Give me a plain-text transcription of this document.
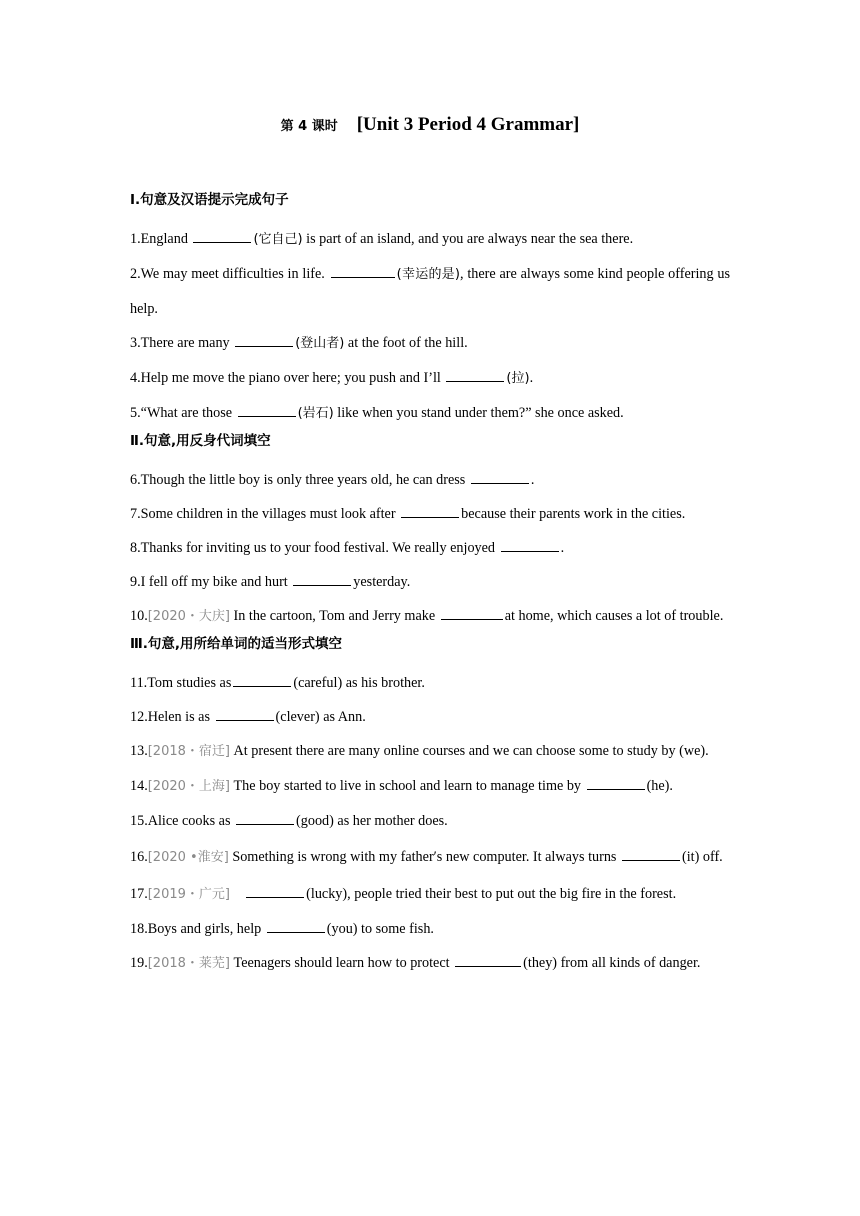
第 4 课时 [Unit 3 Period 4 Grammar]
Ⅰ.句意及汉语提示完成句子
1.England	(它自己) is part of an island, and you are always near the sea there.
2.We may meet difficulties in life.	(幸运的是), there are always some kind people offering us help.
3.There are many	(登山者) at the foot of the hill.
4.Help me move the piano over here; you push and I’ll	(拉).
5.“What are those	(岩石) like when you stand under them?” she once asked.
Ⅱ.句意,用反身代词填空
6.Though the little boy is only three years old, he can dress	.
7.Some children in the villages must look after	because their parents work in the cities.
8.Thanks for inviting us to your food festival. We really enjoyed	.
9.I fell off my bike and hurt	yesterday.
10.[2020・大庆] In the cartoon, Tom and Jerry make	at home, which causes a lot of trouble.
Ⅲ.句意,用所给单词的适当形式填空
11.Tom studies as	(careful) as his brother.
12.Helen is as	(clever) as Ann.
13.[2018・宿迁] At present there are many online courses and we can choose some to study by (we).
14.[2020・上海] The boy started to live in school and learn to manage time by	(he).
15.Alice cooks as	(good) as her mother does.
16.[2020 •淮安] Something is wrong with my father′s new computer. It always turns	(it) off.
17.[2019・广元]	(lucky), people tried their best to put out the big fire in the forest.
18.Boys and girls, help	(you) to some fish.
19.[2018・莱芜] Teenagers should learn how to protect	(they) from all kinds of danger.
